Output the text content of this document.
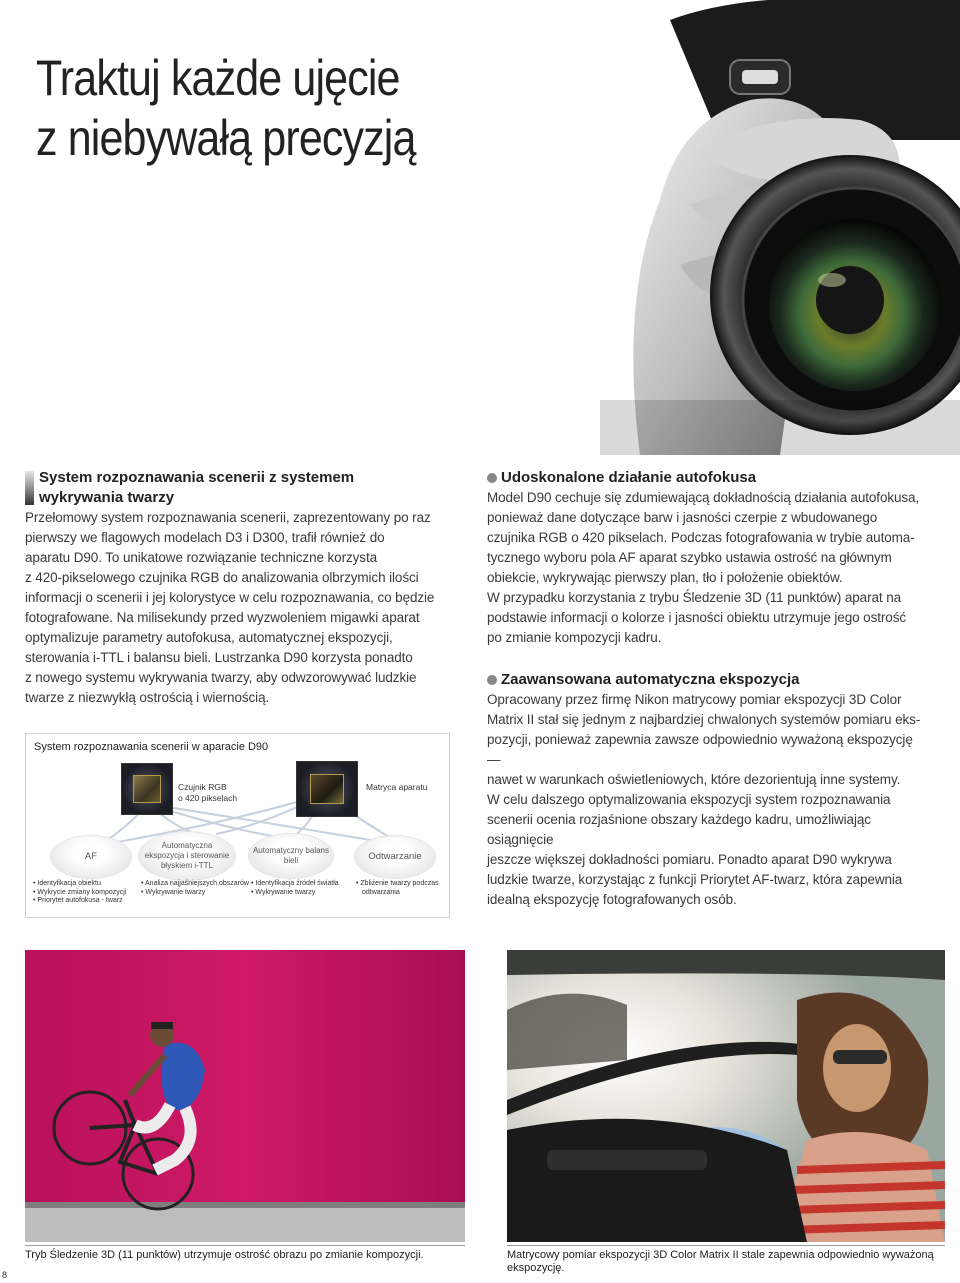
Traktuj każde ujęcie
z niebywałą precyzją
System rozpoznawania scenerii z systemem
wykrywania twarzy

Przełomowy system rozpoznawania scenerii, zaprezentowany po raz

pierwszy we flagowych modelach D3 i D300, trafił również do

aparatu D90. To unikatowe rozwiązanie techniczne korzysta

z 420-pikselowego czujnika RGB do analizowania olbrzymich ilości

informacji o scenerii i jej kolorystyce w celu rozpoznawania, co będzie

fotografowane. Na milisekundy przed wyzwoleniem migawki aparat

optymalizuje parametry autofokusa, automatycznej ekspozycji,

sterowania i-TTL i balansu bieli. Lustrzanka D90 korzysta ponadto

z nowego systemu wykrywania twarzy, aby odwzorowywać ludzkie

twarze z niezwykłą ostrością i wiernością.

System rozpoznawania scenerii w aparacie D90
Czujnik RGB
o 420 pikselach
Matryca aparatu
AF
Automatyczna
ekspozycja i sterowanie
błyskiem i-TTL
Automatyczny balans
bieli	Odtwarzanie
• Identyfikacja obiektu
• Wykrycie zmiany kompozycji
• Priorytet autofokusa - twarz
• Analiza najjaśniejszych obszarów
• Wykrywanie twarzy
• Identyfikacja źródeł światła
• Wykrywanie twarzy
• Zbliżenie twarzy podczas
odtwarzania
Udoskonalone działanie autofokusa

Model D90 cechuje się zdumiewającą dokładnością działania autofokusa,

ponieważ dane dotyczące barw i jasności czerpie z wbudowanego

czujnika RGB o 420 pikselach. Podczas fotografowania w trybie automa-

tycznego wyboru pola AF aparat szybko ustawia ostrość na głównym

obiekcie, wykrywając pierwszy plan, tło i położenie obiektów.

W przypadku korzystania z trybu Śledzenie 3D (11 punktów) aparat na

podstawie informacji o kolorze i jasności obiektu utrzymuje jego ostrość

po zmianie kompozycji kadru.

Zaawansowana automatyczna ekspozycja

Opracowany przez firmę Nikon matrycowy pomiar ekspozycji 3D Color

Matrix II stał się jednym z najbardziej chwalonych systemów pomiaru eks-

pozycji, ponieważ zapewnia zawsze odpowiednio wyważoną ekspozycję —

nawet w warunkach oświetleniowych, które dezorientują inne systemy.

W celu dalszego optymalizowania ekspozycji system rozpoznawania

scenerii ocenia rozjaśnione obszary każdego kadru, umożliwiając osiągnięcie

jeszcze większej dokładności pomiaru. Ponadto aparat D90 wykrywa

ludzkie twarze, korzystając z funkcji Priorytet AF-twarz, która zapewnia

idealną ekspozycję fotografowanych osób.

Tryb Śledzenie 3D (11 punktów) utrzymuje ostrość obrazu po zmianie kompozycji.	Matrycowy pomiar ekspozycji 3D Color Matrix II stale zapewnia odpowiednio wyważoną
ekspozycję.
8
